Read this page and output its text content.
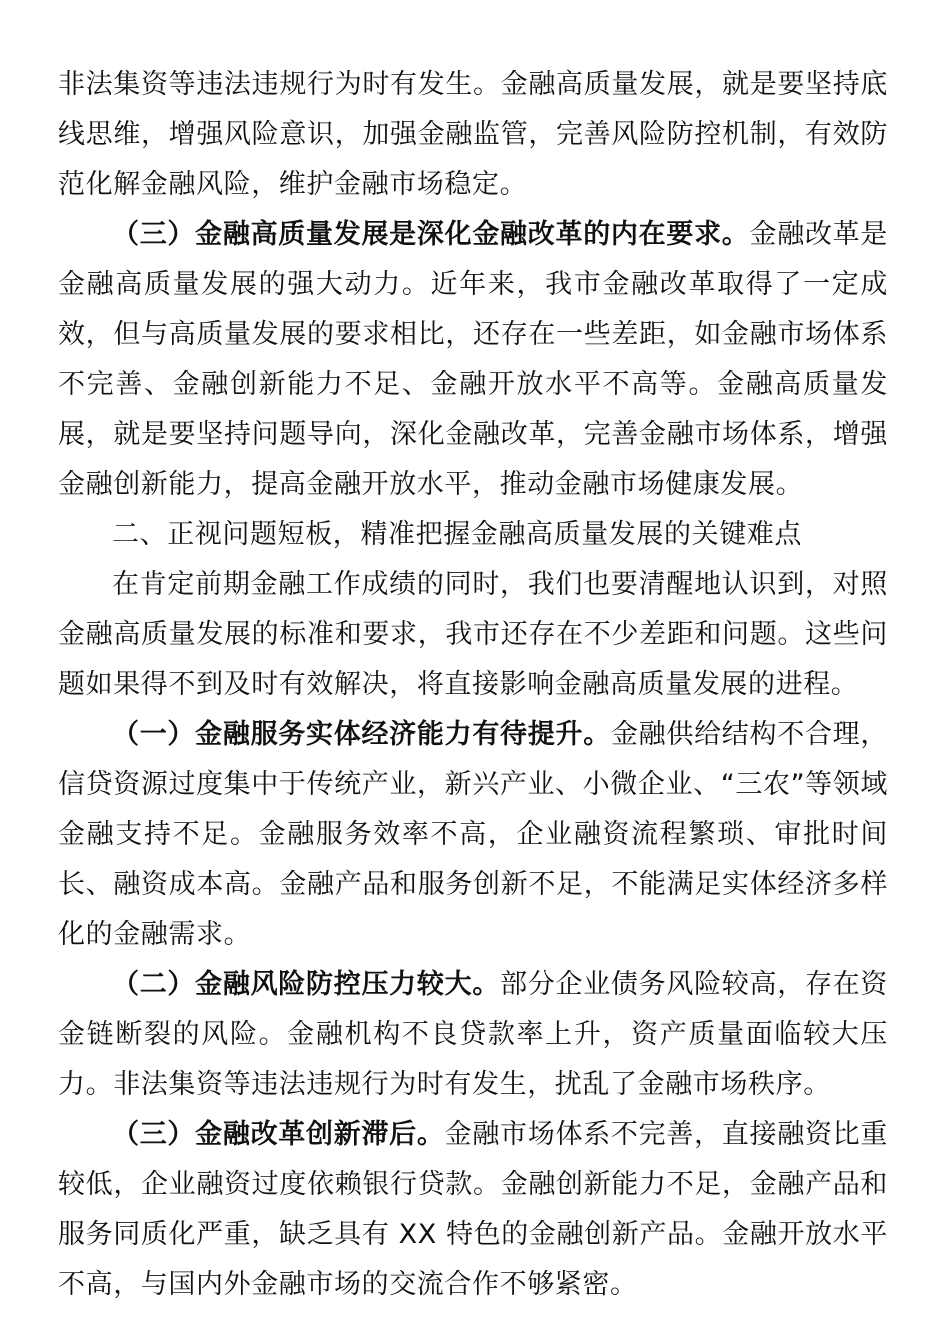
非法集资等违法违规行为时有发生。金融高质量发展，就是要坚持底线思维，增强风险意识，加强金融监管，完善风险防控机制，有效防范化解金融风险，维护金融市场稳定。

（三）金融高质量发展是深化金融改革的内在要求。金融改革是金融高质量发展的强大动力。近年来，我市金融改革取得了一定成效，但与高质量发展的要求相比，还存在一些差距，如金融市场体系不完善、金融创新能力不足、金融开放水平不高等。金融高质量发展，就是要坚持问题导向，深化金融改革，完善金融市场体系，增强金融创新能力，提高金融开放水平，推动金融市场健康发展。

二、正视问题短板，精准把握金融高质量发展的关键难点

在肯定前期金融工作成绩的同时，我们也要清醒地认识到，对照金融高质量发展的标准和要求，我市还存在不少差距和问题。这些问题如果得不到及时有效解决，将直接影响金融高质量发展的进程。

（一）金融服务实体经济能力有待提升。金融供给结构不合理，信贷资源过度集中于传统产业，新兴产业、小微企业、“三农”等领域金融支持不足。金融服务效率不高，企业融资流程繁琐、审批时间长、融资成本高。金融产品和服务创新不足，不能满足实体经济多样化的金融需求。

（二）金融风险防控压力较大。部分企业债务风险较高，存在资金链断裂的风险。金融机构不良贷款率上升，资产质量面临较大压力。非法集资等违法违规行为时有发生，扰乱了金融市场秩序。

（三）金融改革创新滞后。金融市场体系不完善，直接融资比重较低，企业融资过度依赖银行贷款。金融创新能力不足，金融产品和服务同质化严重，缺乏具有 XX 特色的金融创新产品。金融开放水平不高，与国内外金融市场的交流合作不够紧密。
